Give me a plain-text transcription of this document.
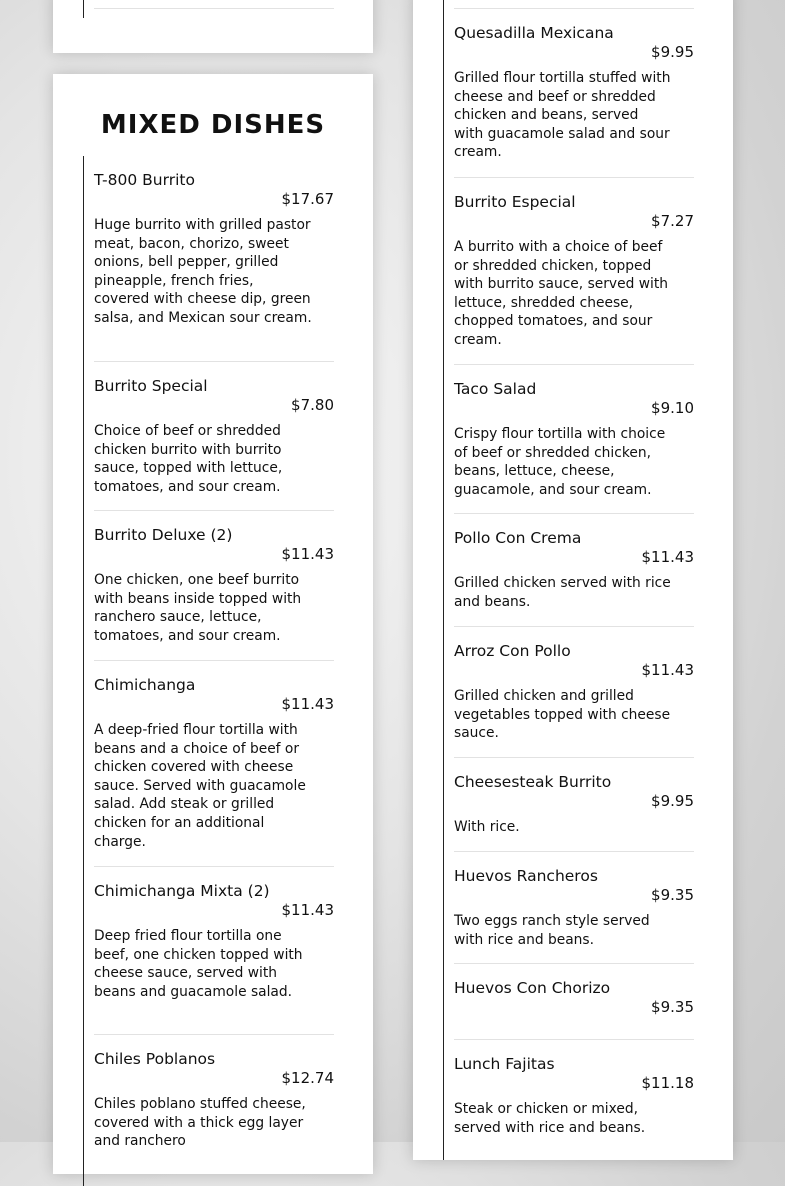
MIXED DISHES
T-800 Burrito
$17.67
Huge burrito with grilled pastor meat, bacon, chorizo, sweet onions, bell pepper, grilled pineapple, french fries, covered with cheese dip, green salsa, and Mexican sour cream.
Burrito Special
$7.80
Choice of beef or shredded chicken burrito with burrito sauce, topped with lettuce, tomatoes, and sour cream.
Burrito Deluxe (2)
$11.43
One chicken, one beef burrito with beans inside topped with ranchero sauce, lettuce, tomatoes, and sour cream.
Chimichanga
$11.43
A deep-fried flour tortilla with beans and a choice of beef or chicken covered with cheese sauce. Served with guacamole salad. Add steak or grilled chicken for an additional charge.
Chimichanga Mixta (2)
$11.43
Deep fried flour tortilla one beef, one chicken topped with cheese sauce, served with beans and guacamole salad.
Chiles Poblanos
$12.74
Chiles poblano stuffed cheese, covered with a thick egg layer and ranchero
Quesadilla Mexicana
$9.95
Grilled flour tortilla stuffed with cheese and beef or shredded chicken and beans, served with guacamole salad and sour cream.
Burrito Especial
$7.27
A burrito with a choice of beef or shredded chicken, topped with burrito sauce, served with lettuce, shredded cheese, chopped tomatoes, and sour cream.
Taco Salad
$9.10
Crispy flour tortilla with choice of beef or shredded chicken, beans, lettuce, cheese, guacamole, and sour cream.
Pollo Con Crema
$11.43
Grilled chicken served with rice and beans.
Arroz Con Pollo
$11.43
Grilled chicken and grilled vegetables topped with cheese sauce.
Cheesesteak Burrito
$9.95
With rice.
Huevos Rancheros
$9.35
Two eggs ranch style served with rice and beans.
Huevos Con Chorizo
$9.35
Lunch Fajitas
$11.18
Steak or chicken or mixed, served with rice and beans.
